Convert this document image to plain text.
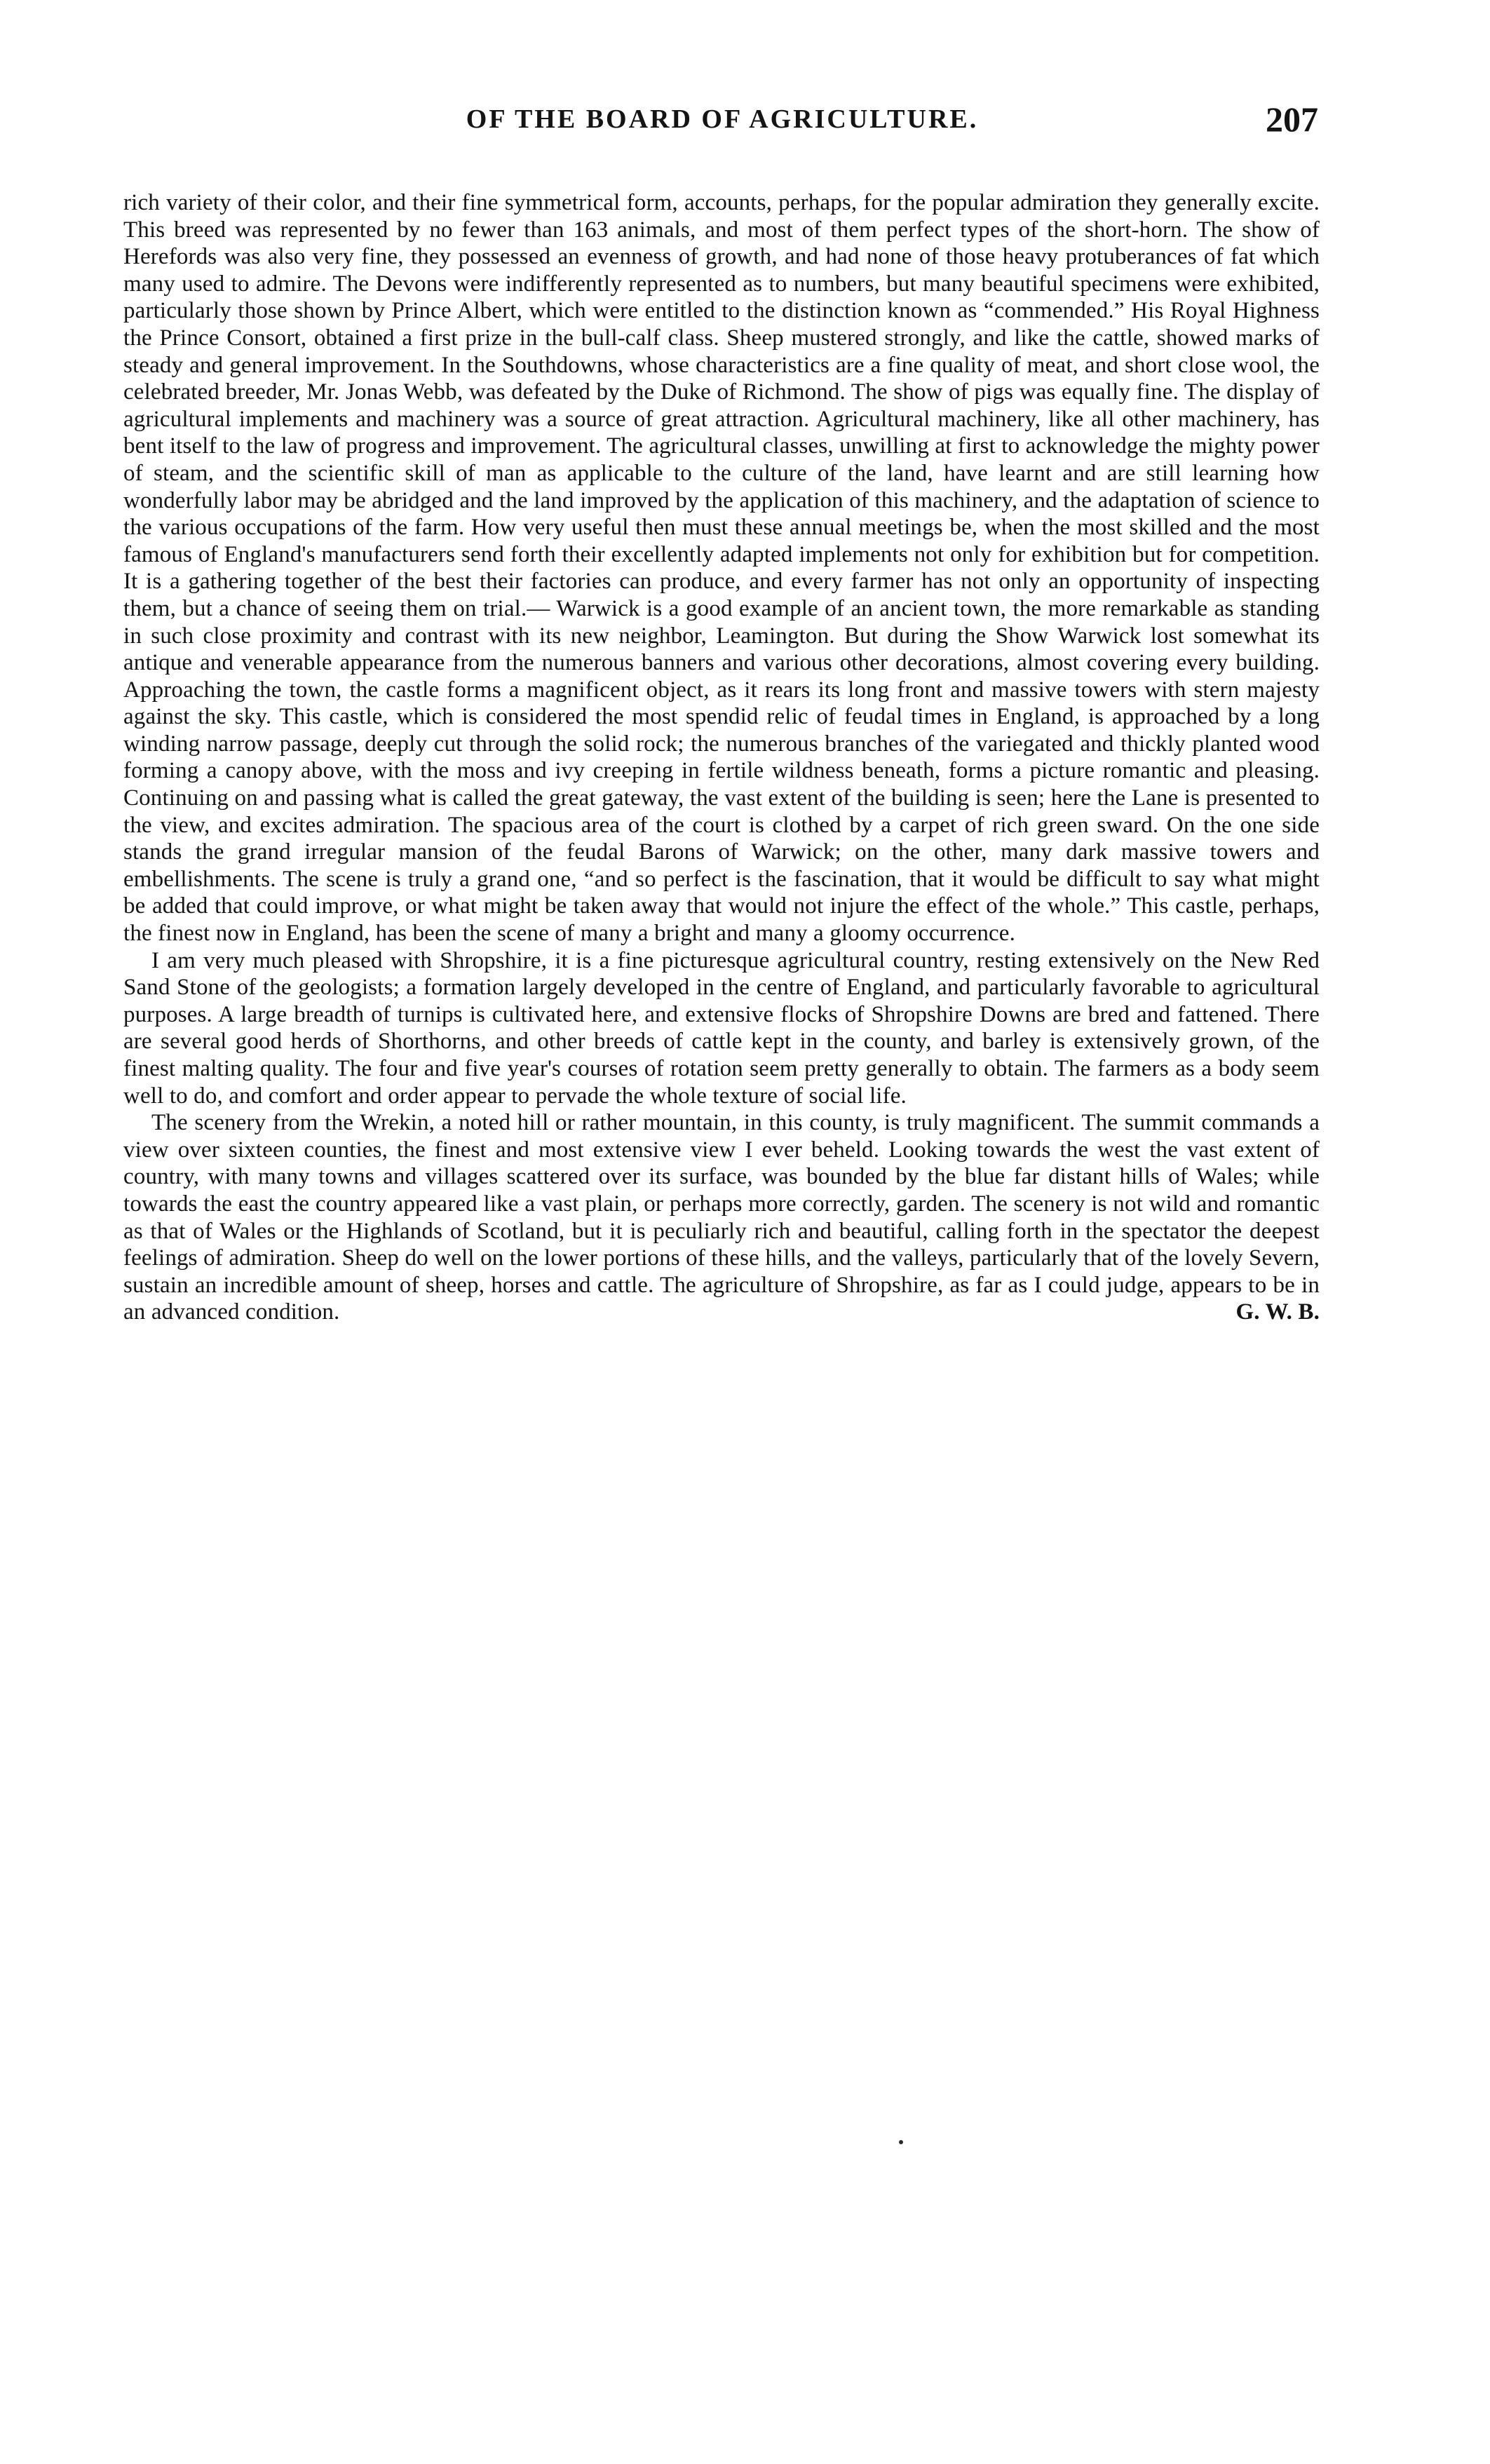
OF THE BOARD OF AGRICULTURE.	207

rich variety of their color, and their fine symmetrical form, accounts, perhaps, for the popular admiration they generally excite. This breed was represented by no fewer than 163 animals, and most of them perfect types of the short-horn. The show of Herefords was also very fine, they possessed an evenness of growth, and had none of those heavy protuberances of fat which many used to admire. The Devons were indifferently represented as to numbers, but many beautiful specimens were exhibited, particularly those shown by Prince Albert, which were entitled to the distinction known as “commended.” His Royal Highness the Prince Consort, obtained a first prize in the bull-calf class. Sheep mustered strongly, and like the cattle, showed marks of steady and general improvement. In the Southdowns, whose characteristics are a fine quality of meat, and short close wool, the celebrated breeder, Mr. Jonas Webb, was defeated by the Duke of Richmond. The show of pigs was equally fine. The display of agricultural implements and machinery was a source of great attraction. Agricultural machinery, like all other machinery, has bent itself to the law of progress and improvement. The agricultural classes, unwilling at first to acknowledge the mighty power of steam, and the scientific skill of man as applicable to the culture of the land, have learnt and are still learning how wonderfully labor may be abridged and the land improved by the application of this machinery, and the adaptation of science to the various occupations of the farm. How very useful then must these annual meetings be, when the most skilled and the most famous of England's manufacturers send forth their excellently adapted implements not only for exhibition but for competition. It is a gathering together of the best their factories can produce, and every farmer has not only an opportunity of inspecting them, but a chance of seeing them on trial.— Warwick is a good example of an ancient town, the more remarkable as standing in such close proximity and contrast with its new neighbor, Leamington. But during the Show Warwick lost somewhat its antique and venerable appearance from the numerous banners and various other decorations, almost covering every building. Approaching the town, the castle forms a magnificent object, as it rears its long front and massive towers with stern majesty against the sky. This castle, which is considered the most spendid relic of feudal times in England, is approached by a long winding narrow passage, deeply cut through the solid rock; the numerous branches of the variegated and thickly planted wood forming a canopy above, with the moss and ivy creeping in fertile wildness beneath, forms a picture romantic and pleasing. Continuing on and passing what is called the great gateway, the vast extent of the building is seen; here the Lane is presented to the view, and excites admiration. The spacious area of the court is clothed by a carpet of rich green sward. On the one side stands the grand irregular mansion of the feudal Barons of Warwick; on the other, many dark massive towers and embellishments. The scene is truly a grand one, “and so perfect is the fascination, that it would be difficult to say what might be added that could improve, or what might be taken away that would not injure the effect of the whole.” This castle, perhaps, the finest now in England, has been the scene of many a bright and many a gloomy occurrence.

I am very much pleased with Shropshire, it is a fine picturesque agricultural country, resting extensively on the New Red Sand Stone of the geologists; a formation largely developed in the centre of England, and particularly favorable to agricultural purposes. A large breadth of turnips is cultivated here, and extensive flocks of Shropshire Downs are bred and fattened. There are several good herds of Shorthorns, and other breeds of cattle kept in the county, and barley is extensively grown, of the finest malting quality. The four and five year's courses of rotation seem pretty generally to obtain. The farmers as a body seem well to do, and comfort and order appear to pervade the whole texture of social life.

The scenery from the Wrekin, a noted hill or rather mountain, in this county, is truly magnificent. The summit commands a view over sixteen counties, the finest and most extensive view I ever beheld. Looking towards the west the vast extent of country, with many towns and villages scattered over its surface, was bounded by the blue far distant hills of Wales; while towards the east the country appeared like a vast plain, or perhaps more correctly, garden. The scenery is not wild and romantic as that of Wales or the Highlands of Scotland, but it is peculiarly rich and beautiful, calling forth in the spectator the deepest feelings of admiration. Sheep do well on the lower portions of these hills, and the valleys, particularly that of the lovely Severn, sustain an incredible amount of sheep, horses and cattle. The agriculture of Shropshire, as far as I could judge, appears to be in an advanced condition.	G. W. B.
